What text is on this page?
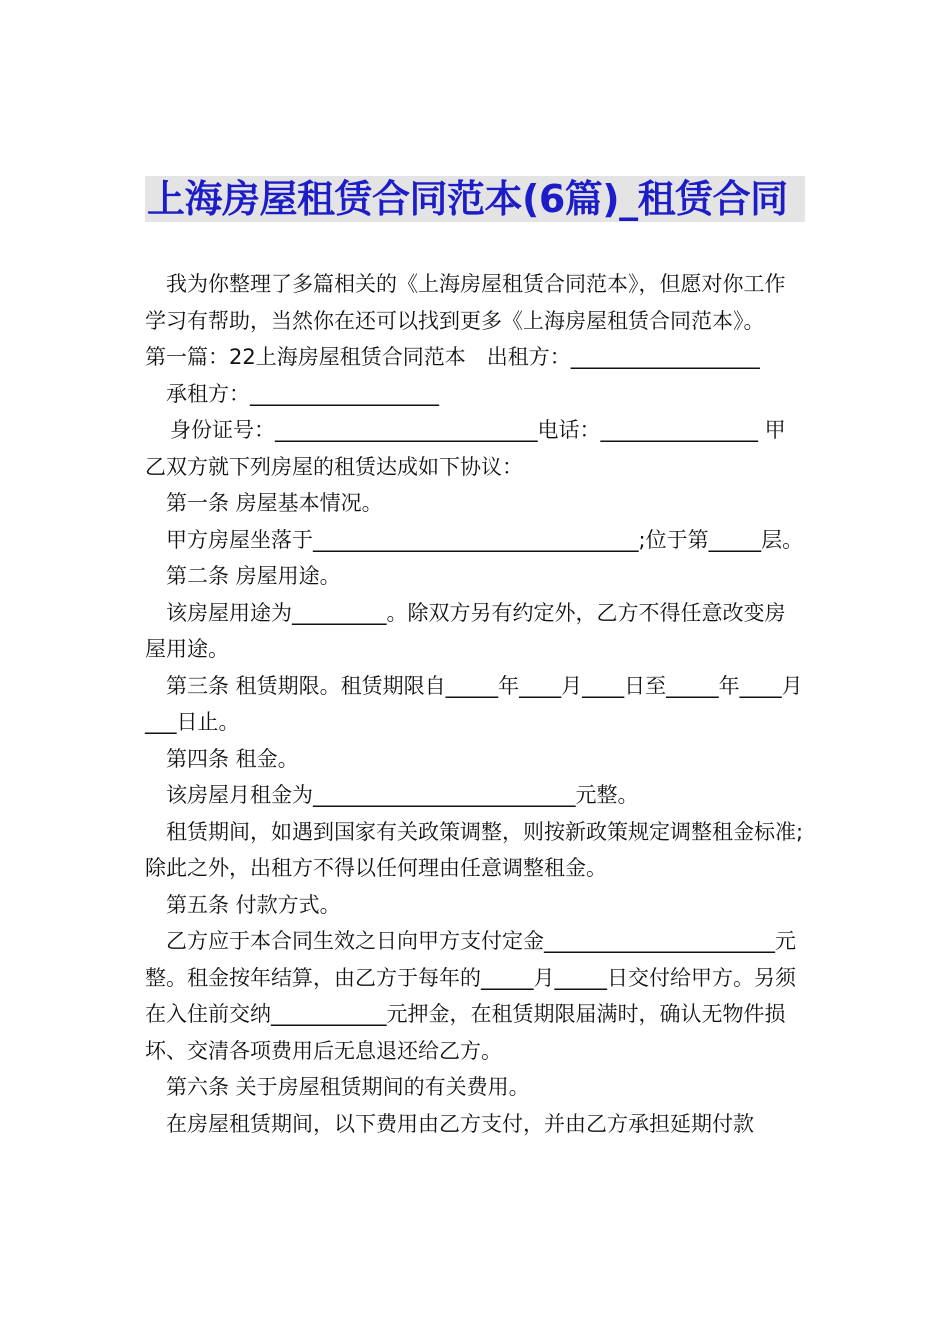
上海房屋租赁合同范本(6篇)_租赁合同

我为你整理了多篇相关的《上海房屋租赁合同范本》，但愿对你工作学习有帮助，当然你在还可以找到更多《上海房屋租赁合同范本》。

第一篇：22上海房屋租赁合同范本　出租方：__________________

承租方：__________________

身份证号：_________________________电话：_______________ 甲乙双方就下列房屋的租赁达成如下协议：

第一条 房屋基本情况。

甲方房屋坐落于_______________________________;位于第_____层。

第二条 房屋用途。

该房屋用途为_________。除双方另有约定外，乙方不得任意改变房屋用途。

第三条 租赁期限。租赁期限自_____年____月____日至_____年____月___日止。

第四条 租金。

该房屋月租金为_________________________元整。

租赁期间，如遇到国家有关政策调整，则按新政策规定调整租金标准;除此之外，出租方不得以任何理由任意调整租金。

第五条 付款方式。

乙方应于本合同生效之日向甲方支付定金______________________元整。租金按年结算，由乙方于每年的_____月_____日交付给甲方。另须在入住前交纳___________元押金，在租赁期限届满时，确认无物件损坏、交清各项费用后无息退还给乙方。

第六条 关于房屋租赁期间的有关费用。

在房屋租赁期间，以下费用由乙方支付，并由乙方承担延期付款
